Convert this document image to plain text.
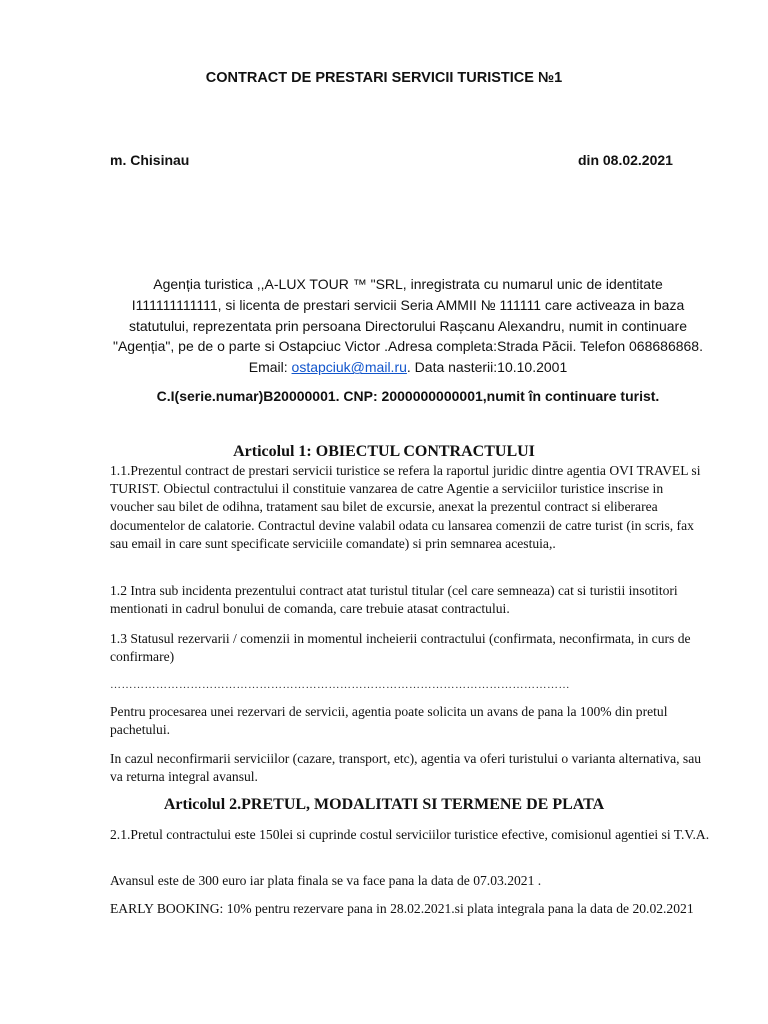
CONTRACT DE PRESTARI SERVICII TURISTICE №1
m. Chisinau	din 08.02.2021
Agenția turistica ,,A-LUX TOUR ™ "SRL, inregistrata cu numarul unic de identitate I111111111111, si licenta de prestari servicii Seria AMMII № 111111 care activeaza in baza statutului, reprezentata prin persoana Directorului Rașcanu Alexandru, numit in continuare "Agenția", pe de o parte si Ostapciuc Victor .Adresa completa:Strada Păcii. Telefon 068686868. Email: ostapciuk@mail.ru. Data nasterii:10.10.2001
C.I(serie.numar)B20000001. CNP: 2000000000001,numit în continuare turist.
Articolul 1: OBIECTUL CONTRACTULUI
1.1.Prezentul contract de prestari servicii turistice se refera la raportul juridic dintre agentia OVI TRAVEL si TURIST. Obiectul contractului il constituie vanzarea de catre Agentie a serviciilor turistice inscrise in voucher sau bilet de odihna, tratament sau bilet de excursie, anexat la prezentul contract si eliberarea documentelor de calatorie. Contractul devine valabil odata cu lansarea comenzii de catre turist (in scris, fax sau email in care sunt specificate serviciile comandate) si prin semnarea acestuia,.
1.2 Intra sub incidenta prezentului contract atat turistul titular (cel care semneaza) cat si turistii insotitori mentionati in cadrul bonului de comanda, care trebuie atasat contractului.
1.3 Statusul rezervarii / comenzii in momentul incheierii contractului (confirmata, neconfirmata, in curs de confirmare)
…………………………………………………………………………………………………………
Pentru procesarea unei rezervari de servicii, agentia poate solicita un avans de pana la 100% din pretul pachetului.
In cazul neconfirmarii serviciilor (cazare, transport, etc), agentia va oferi turistului o varianta alternativa, sau va returna integral avansul.
Articolul 2.PRETUL, MODALITATI SI TERMENE DE PLATA
2.1.Pretul contractului este 150lei si cuprinde costul serviciilor turistice efective, comisionul agentiei si T.V.A.
Avansul este de 300 euro iar plata finala se va face pana la data de 07.03.2021 .
EARLY BOOKING: 10% pentru rezervare pana in 28.02.2021.si plata integrala pana la data de 20.02.2021
